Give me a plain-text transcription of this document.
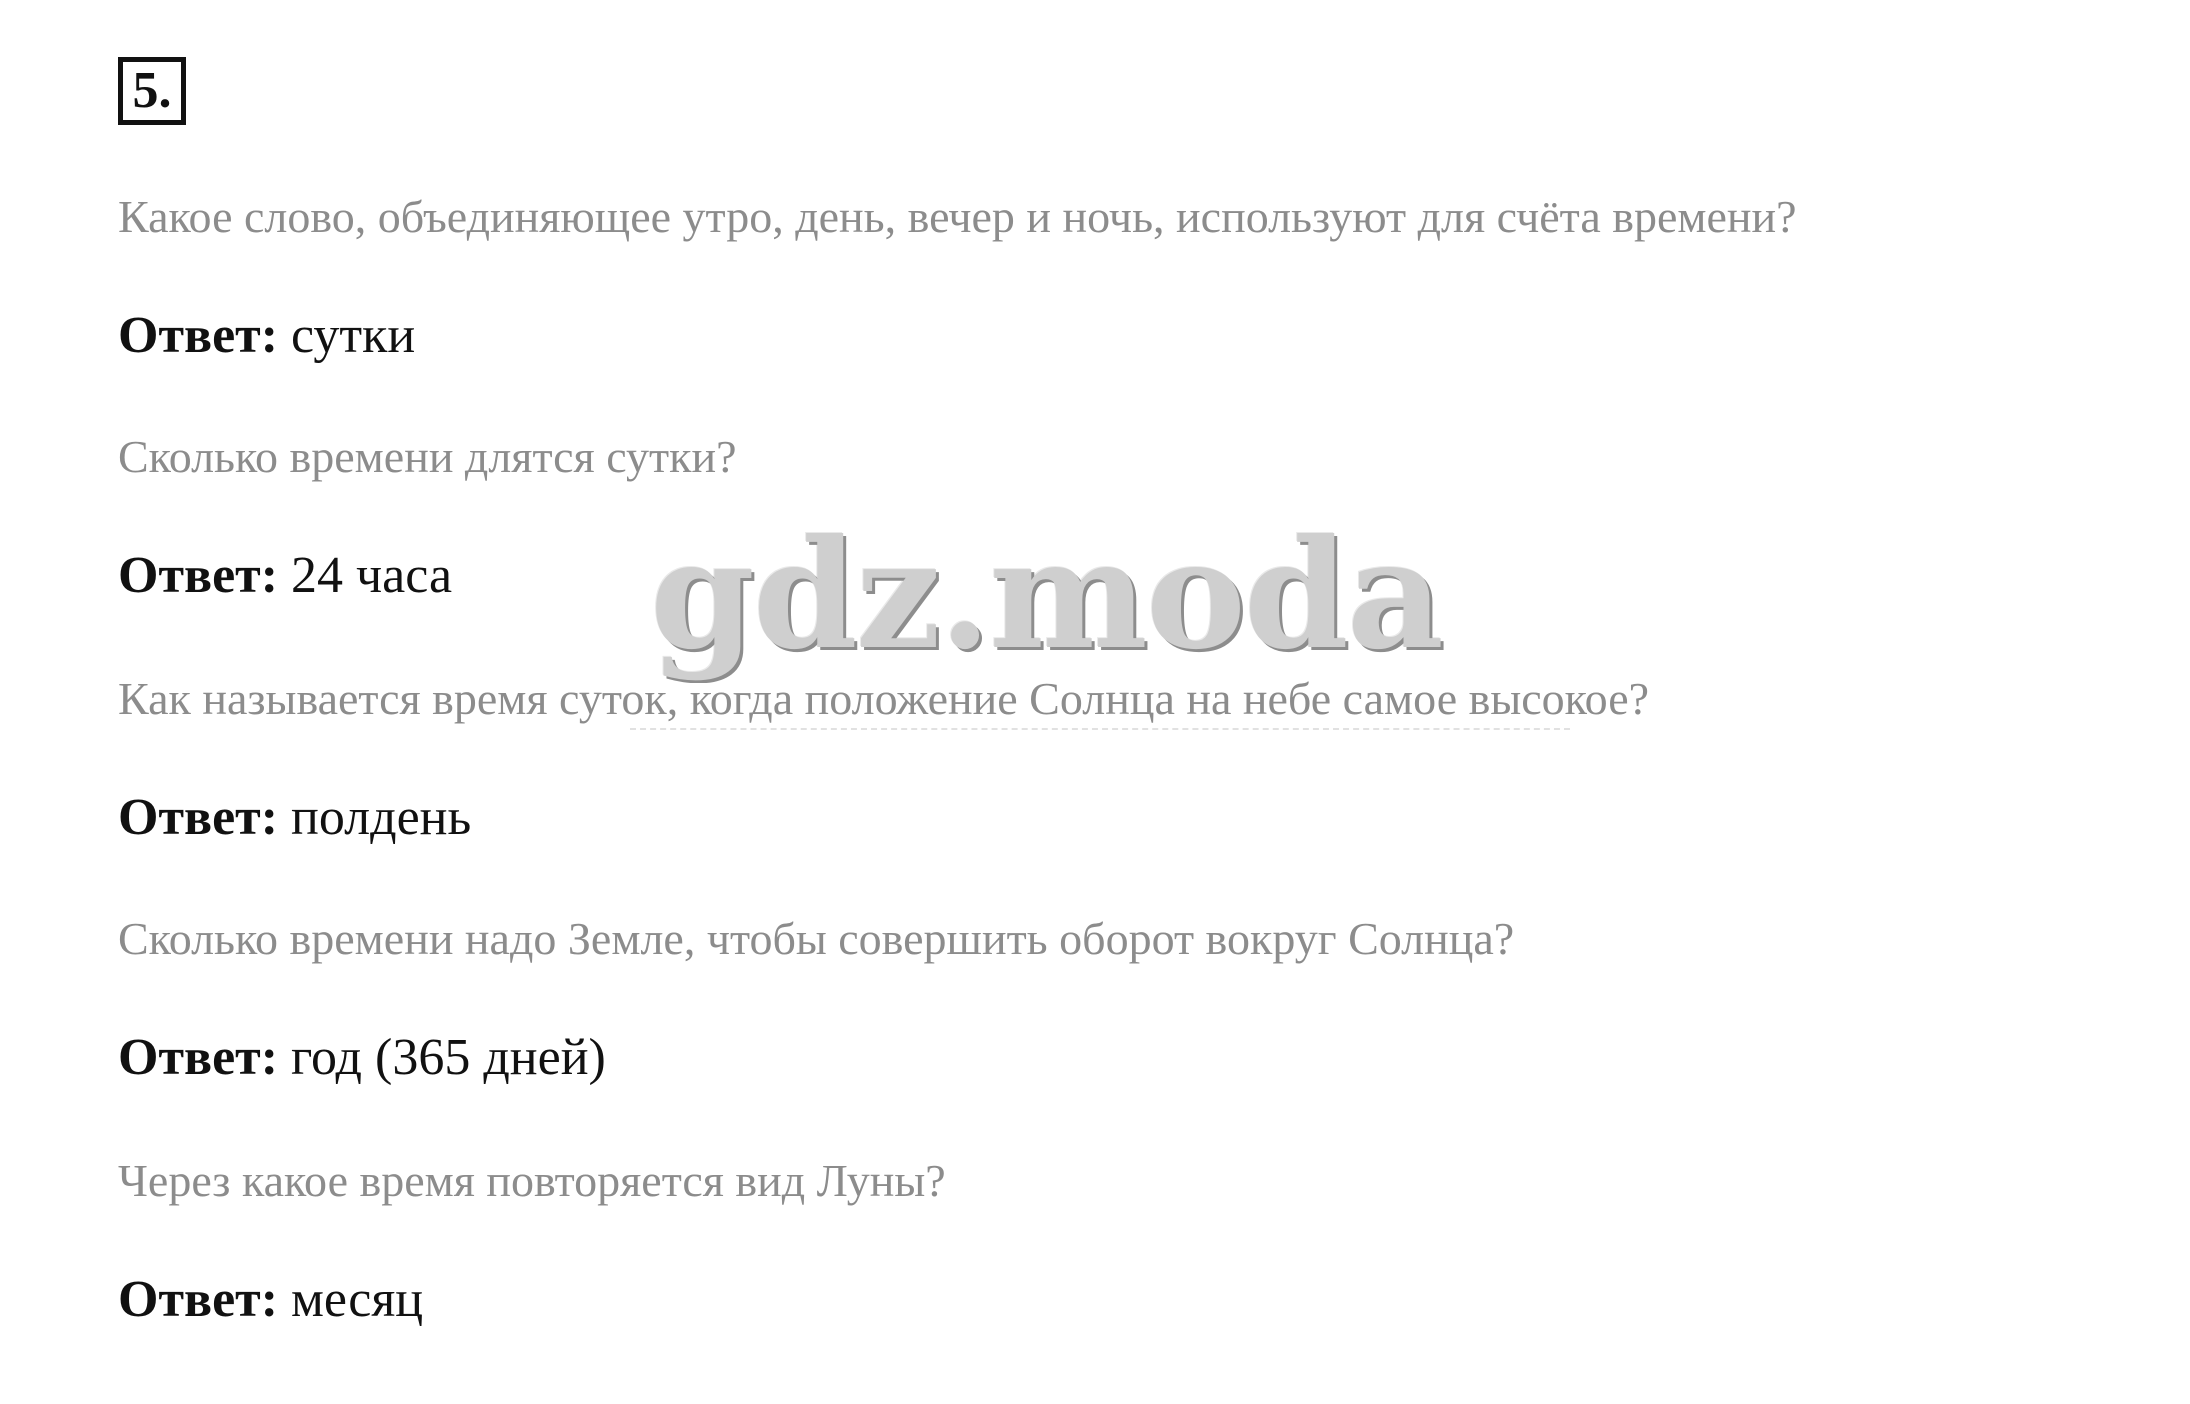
5.
Какое слово, объединяющее утро, день, вечер и ночь, используют для счёта времени?
Ответ: сутки
Сколько времени длятся сутки?
Ответ: 24 часа
Как называется время суток, когда положение Солнца на небе самое высокое?
Ответ: полдень
Сколько времени надо Земле, чтобы совершить оборот вокруг Солнца?
Ответ: год (365 дней)
Через какое время повторяется вид Луны?
Ответ: месяц
gdz.moda
